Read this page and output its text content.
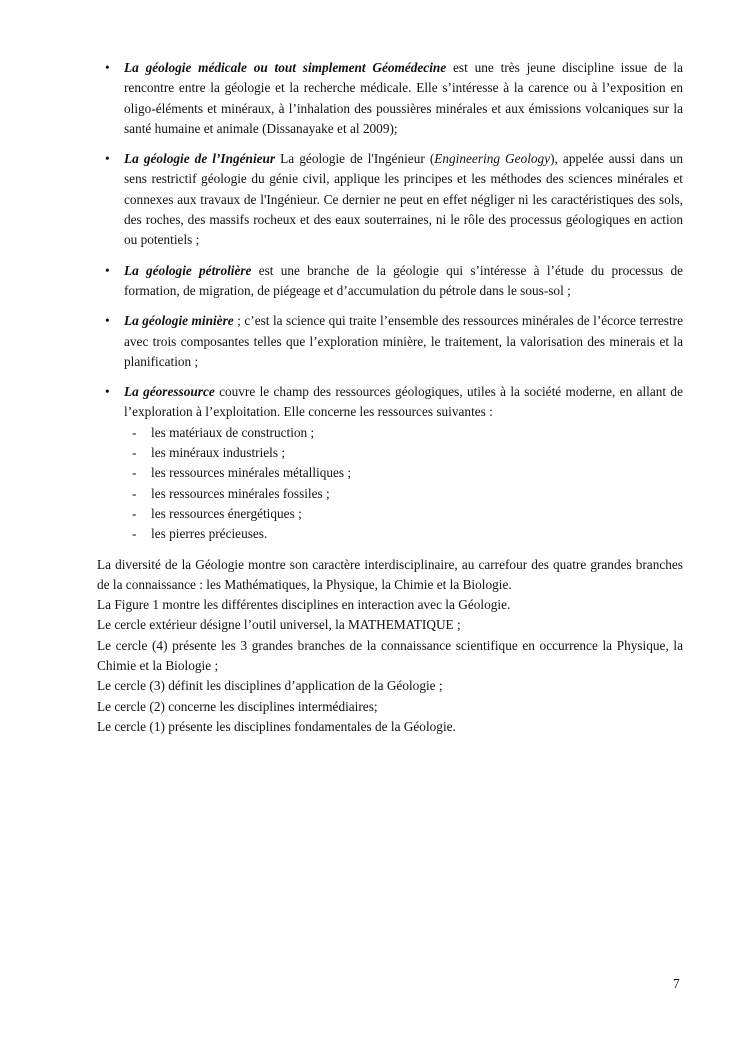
• La géologie médicale ou tout simplement Géomédecine est une très jeune discipline issue de la rencontre entre la géologie et la recherche médicale. Elle s’intéresse à la carence ou à l’exposition en oligo-éléments et minéraux, à l’inhalation des poussières minérales et aux émissions volcaniques sur la santé humaine et animale (Dissanayake et al 2009);
• La géologie de l’Ingénieur La géologie de l'Ingénieur (Engineering Geology), appelée aussi dans un sens restrictif géologie du génie civil, applique les principes et les méthodes des sciences minérales et connexes aux travaux de l'Ingénieur. Ce dernier ne peut en effet négliger ni les caractéristiques des sols, des roches, des massifs rocheux et des eaux souterraines, ni le rôle des processus géologiques en action ou potentiels ;
• La géologie pétrolière est une branche de la géologie qui s’intéresse à l’étude du processus de formation, de migration, de piégeage et d’accumulation du pétrole dans le sous-sol ;
• La géologie minière ; c’est la science qui traite l’ensemble des ressources minérales de l’écorce terrestre avec trois composantes telles que l’exploration minière, le traitement, la valorisation des minerais et la planification ;
• La géoressource couvre le champ des ressources géologiques, utiles à la société moderne, en allant de l’exploration à l’exploitation. Elle concerne les ressources suivantes :
- les matériaux de construction ;
- les minéraux industriels ;
- les ressources minérales métalliques ;
- les ressources minérales fossiles ;
- les ressources énergétiques ;
- les pierres précieuses.

La diversité de la Géologie montre son caractère interdisciplinaire, au carrefour des quatre grandes branches de la connaissance : les Mathématiques, la Physique, la Chimie et la Biologie.

La Figure 1 montre les différentes disciplines en interaction avec la Géologie.

Le cercle extérieur désigne l’outil universel, la MATHEMATIQUE ;

Le cercle (4) présente les 3 grandes branches de la connaissance scientifique en occurrence la Physique, la Chimie et la Biologie ;

Le cercle (3) définit les disciplines d’application de la Géologie ;

Le cercle (2) concerne les disciplines intermédiaires;

Le cercle (1) présente les disciplines fondamentales de la Géologie.

7
